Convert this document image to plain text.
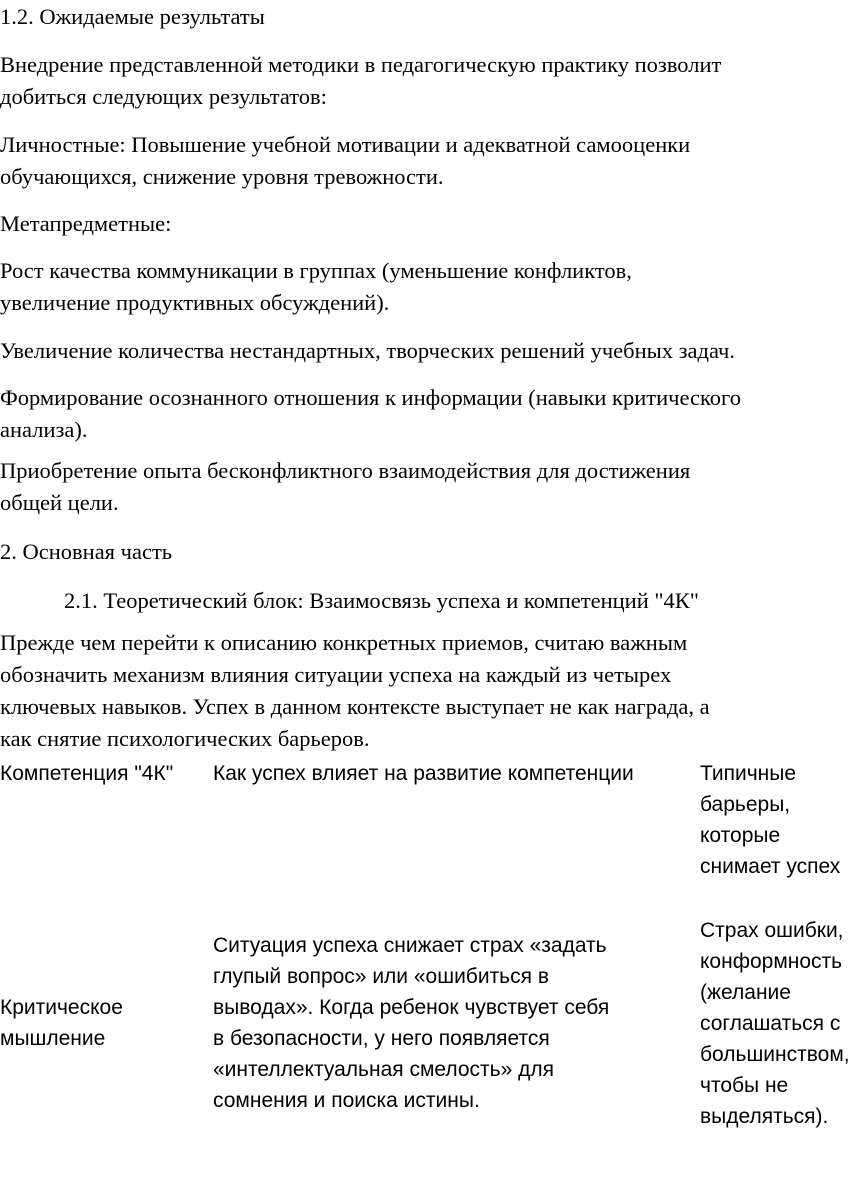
1.2. Ожидаемые результаты
Внедрение представленной методики в педагогическую практику позволит
добиться следующих результатов:
Личностные: Повышение учебной мотивации и адекватной самооценки
обучающихся, снижение уровня тревожности.
Метапредметные:
Рост качества коммуникации в группах (уменьшение конфликтов,
увеличение продуктивных обсуждений).
Увеличение количества нестандартных, творческих решений учебных задач.
Формирование осознанного отношения к информации (навыки критического
анализа).
Приобретение опыта бесконфликтного взаимодействия для достижения
общей цели.
2. Основная часть
2.1. Теоретический блок: Взаимосвязь успеха и компетенций "4К"
Прежде чем перейти к описанию конкретных приемов, считаю важным
обозначить механизм влияния ситуации успеха на каждый из четырех
ключевых навыков. Успех в данном контексте выступает не как награда, а
как снятие психологических барьеров.
Компетенция "4К"	Как успех влияет на развитие компетенции	Типичные
барьеры,
которые
снимает успех
Критическое
мышление
Ситуация успеха снижает страх «задать
глупый вопрос» или «ошибиться в
выводах». Когда ребенок чувствует себя
в безопасности, у него появляется
«интеллектуальная смелость» для
сомнения и поиска истины.
Страх ошибки,
конформность
(желание
соглашаться с
большинством,
чтобы не
выделяться).
